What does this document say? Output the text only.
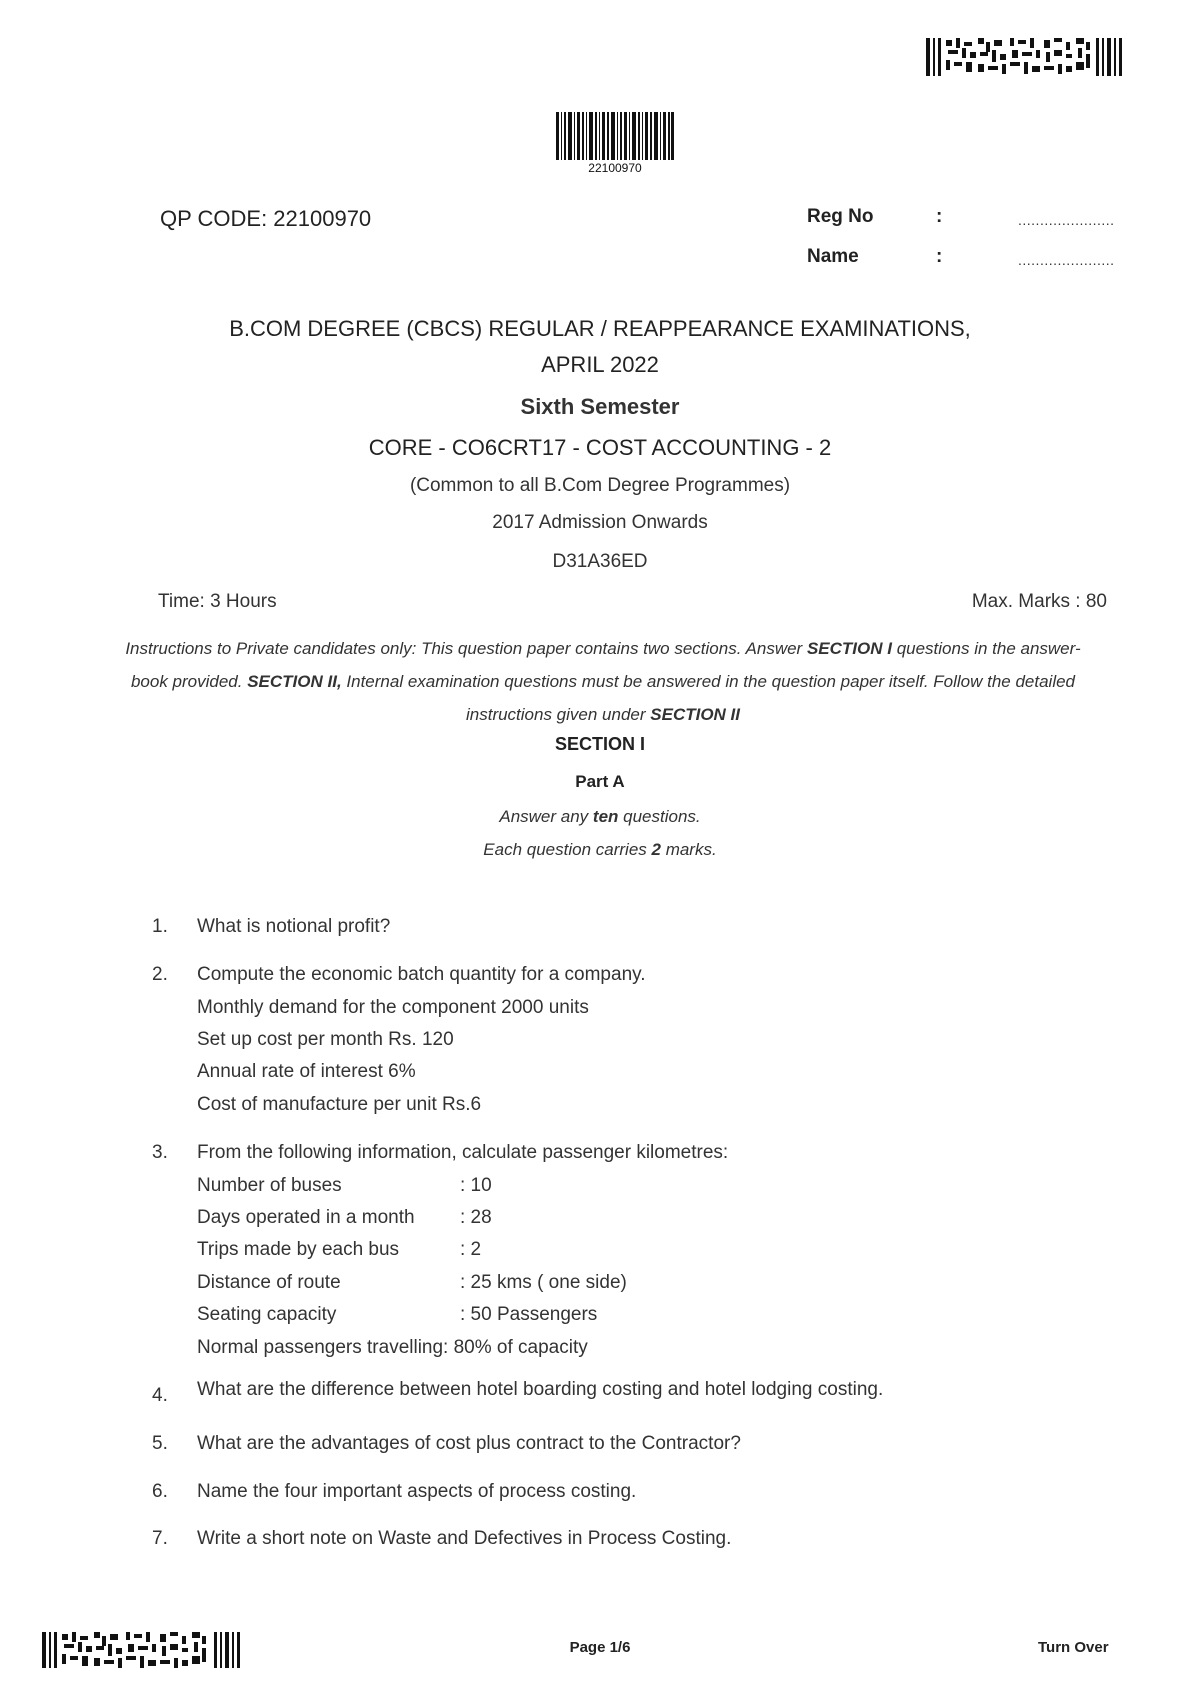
22100970
QP CODE: 22100970	Reg No	:	......................
Name	:	......................
B.COM DEGREE (CBCS) REGULAR / REAPPEARANCE EXAMINATIONS,
APRIL 2022
Sixth Semester
CORE - CO6CRT17 - COST ACCOUNTING - 2
(Common to all B.Com Degree Programmes)
2017 Admission Onwards
D31A36ED
Time: 3 Hours	Max. Marks : 80
Instructions to Private candidates only: This question paper contains two sections. Answer SECTION I questions in the answer-book provided. SECTION II, Internal examination questions must be answered in the question paper itself. Follow the detailed instructions given under SECTION II
SECTION I
Part A
Answer any ten questions.
Each question carries 2 marks.
1. What is notional profit?
2. Compute the economic batch quantity for a company.
Monthly demand for the component 2000 units
Set up cost per month Rs. 120
Annual rate of interest 6%
Cost of manufacture per unit Rs.6
3. From the following information, calculate passenger kilometres:
Number of buses	: 10
Days operated in a month : 28
Trips made by each bus	: 2
Distance of route	: 25 kms ( one side)
Seating capacity	: 50 Passengers
Normal passengers travelling: 80% of capacity
4. What are the difference between hotel boarding costing and hotel lodging costing.
5. What are the advantages of cost plus contract to the Contractor?
6. Name the four important aspects of process costing.
7. Write a short note on Waste and Defectives in Process Costing.
Page 1/6	Turn Over
